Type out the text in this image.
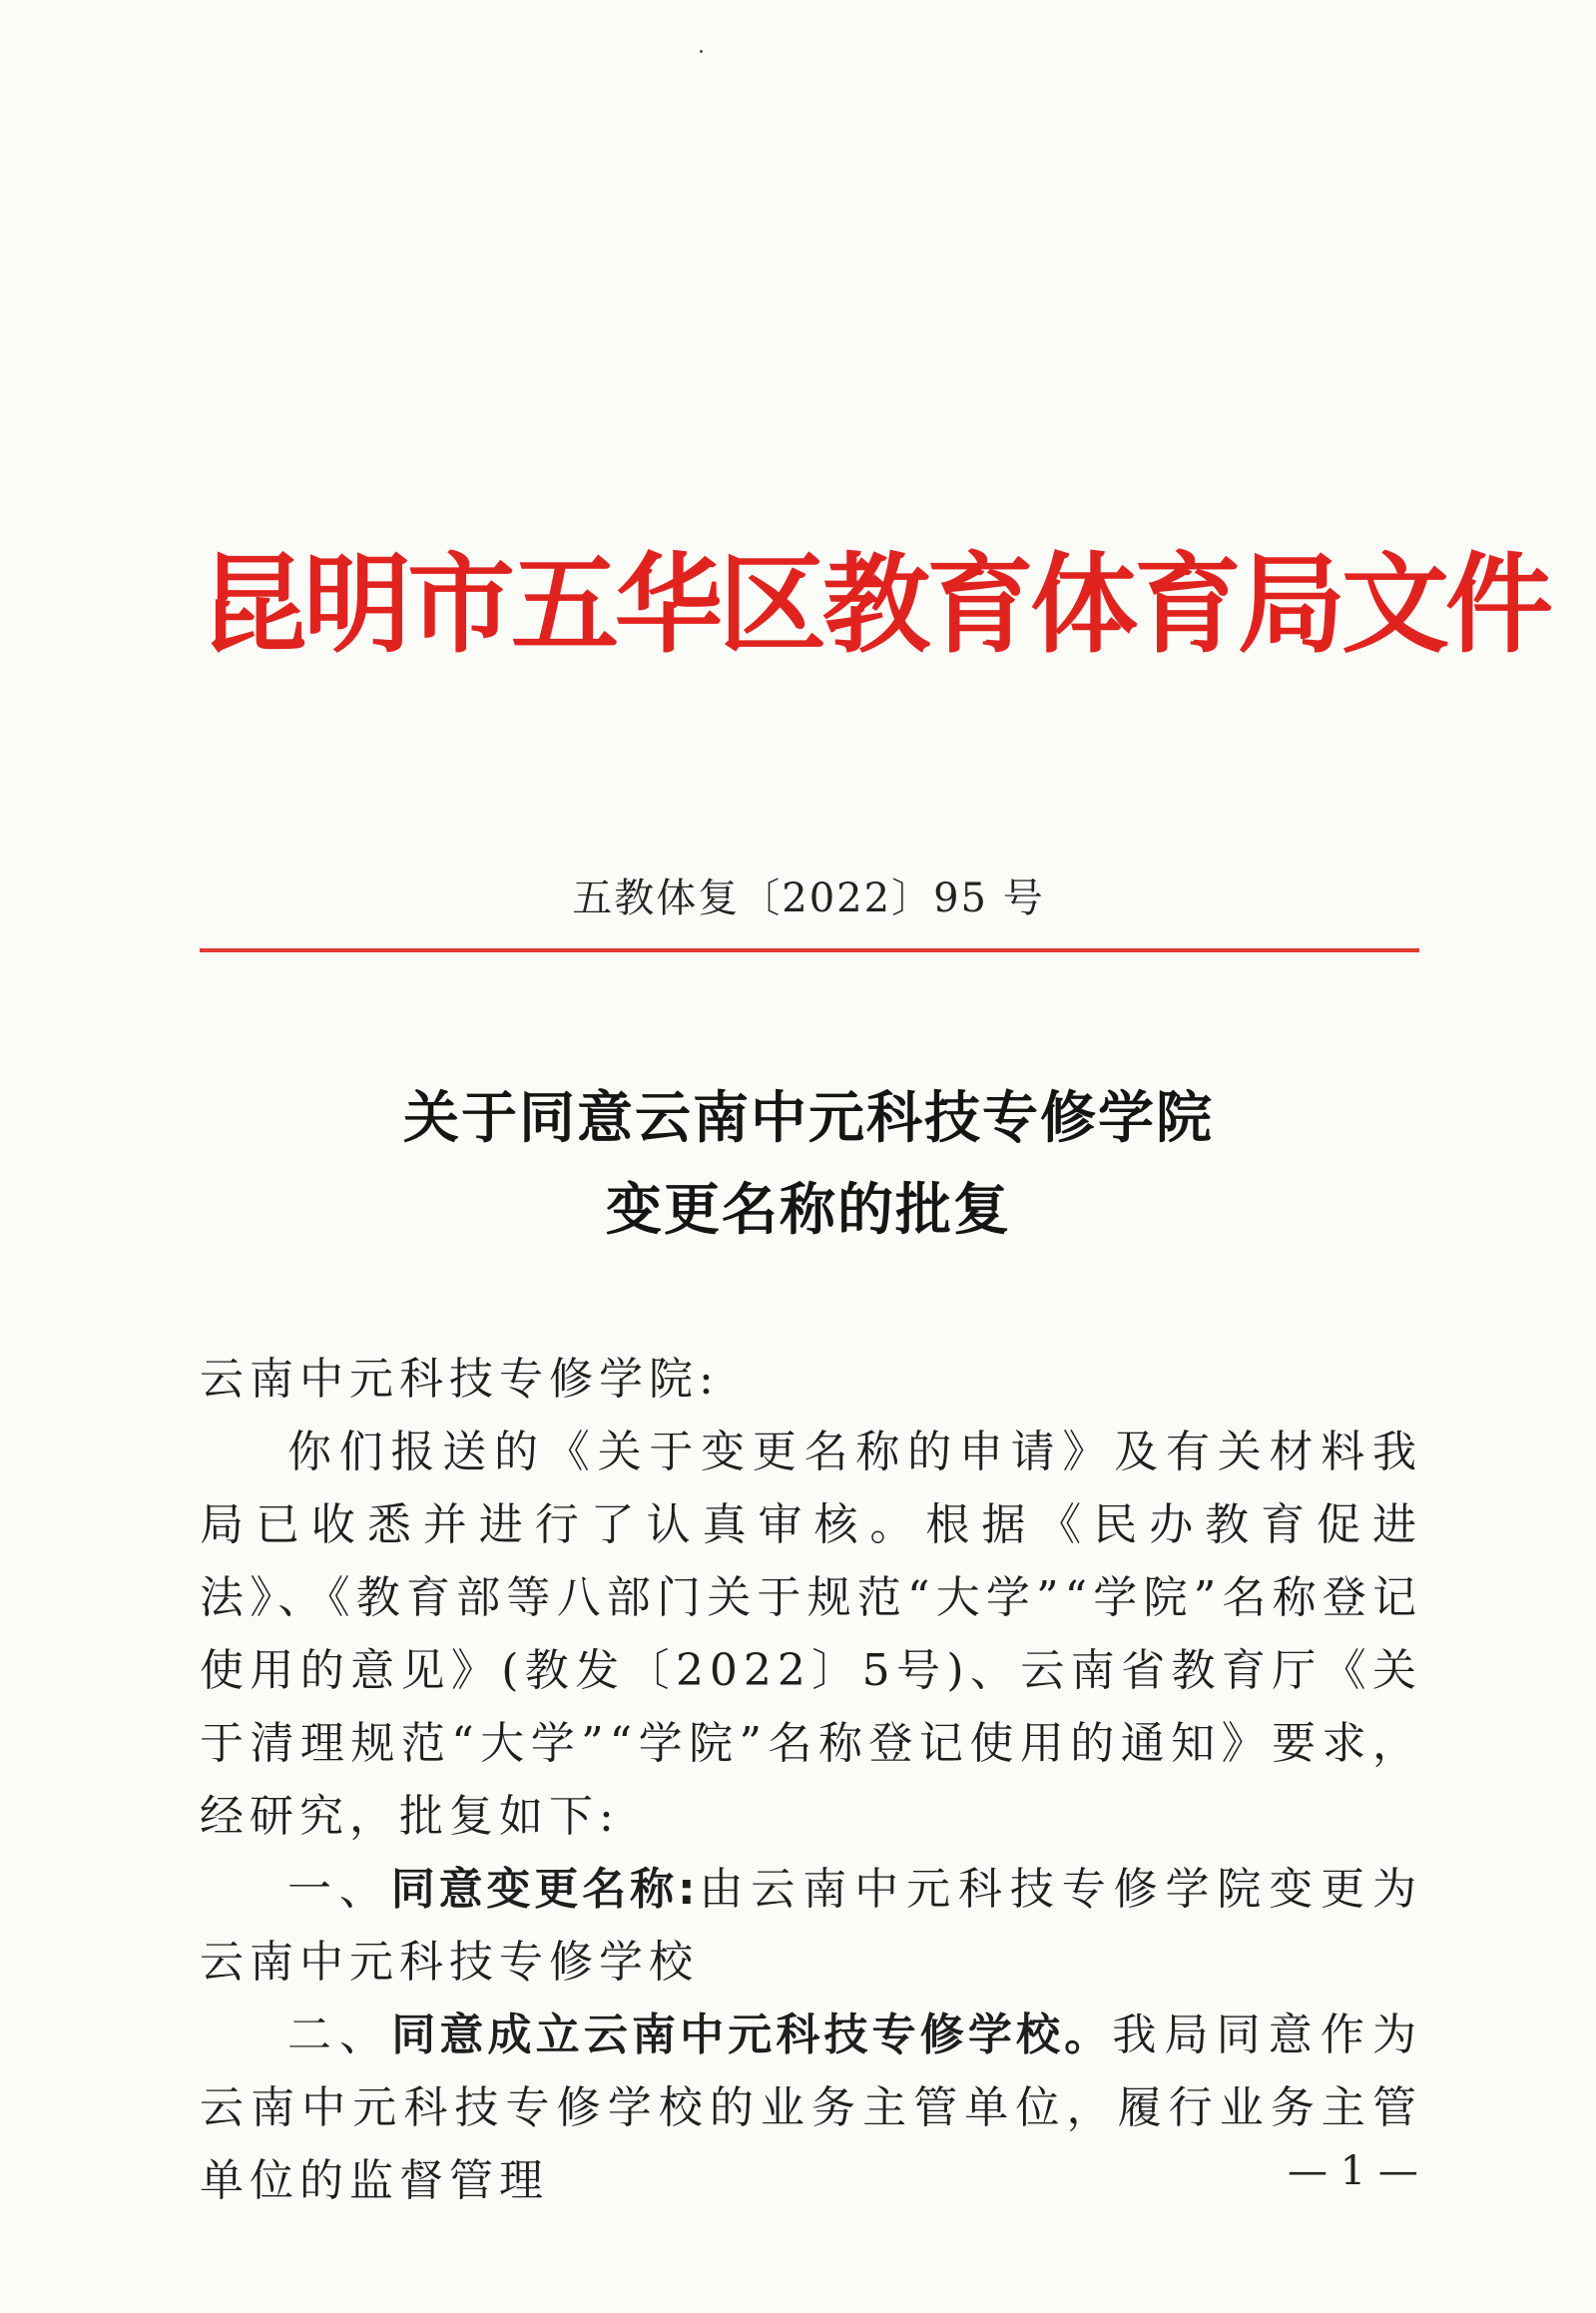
昆明市五华区教育体育局文件
五教体复〔2022〕95 号
关于同意云南中元科技专修学院
变更名称的批复

云南中元科技专修学院:

你们报送的《关于变更名称的申请》及有关材料我局已收悉并进行了认真审核。根据《民办教育促进法》、《教育部等八部门关于规范“大学”“学院”名称登记使用的意见》(教发〔2022〕5号)、云南省教育厅《关于清理规范“大学”“学院”名称登记使用的通知》要求，经研究，批复如下:

一、同意变更名称:由云南中元科技专修学院变更为云南中元科技专修学校

二、同意成立云南中元科技专修学校。我局同意作为云南中元科技专修学校的业务主管单位，履行业务主管单位的监督管理	— 1 —
